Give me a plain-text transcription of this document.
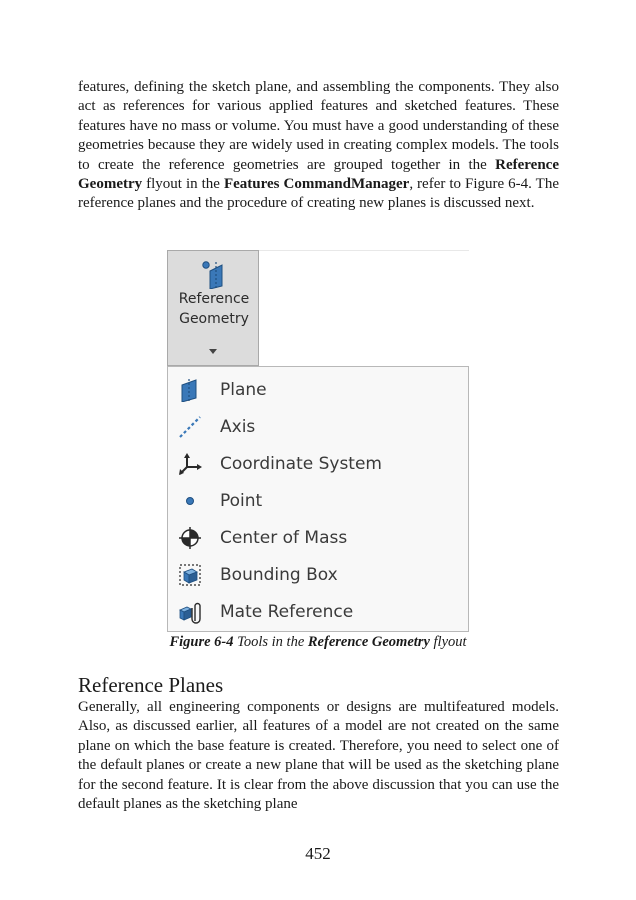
features, defining the sketch plane, and assembling the components. They also act as references for various applied features and sketched features. These features have no mass or volume. You must have a good understanding of these geometries because they are widely used in creating complex models. The tools to create the reference geometries are grouped together in the Reference Geometry flyout in the Features CommandManager, refer to Figure 6-4. The reference planes and the procedure of creating new planes is discussed next.

Reference
Geometry
Plane
Axis
Coordinate System
Point
Center of Mass
Bounding Box
Mate Reference

Figure 6-4 Tools in the Reference Geometry flyout

Reference Planes

Generally, all engineering components or designs are multifeatured models. Also, as discussed earlier, all features of a model are not created on the same plane on which the base feature is created. Therefore, you need to select one of the default planes or create a new plane that will be used as the sketching plane for the second feature. It is clear from the above discussion that you can use the default planes as the sketching plane

452
